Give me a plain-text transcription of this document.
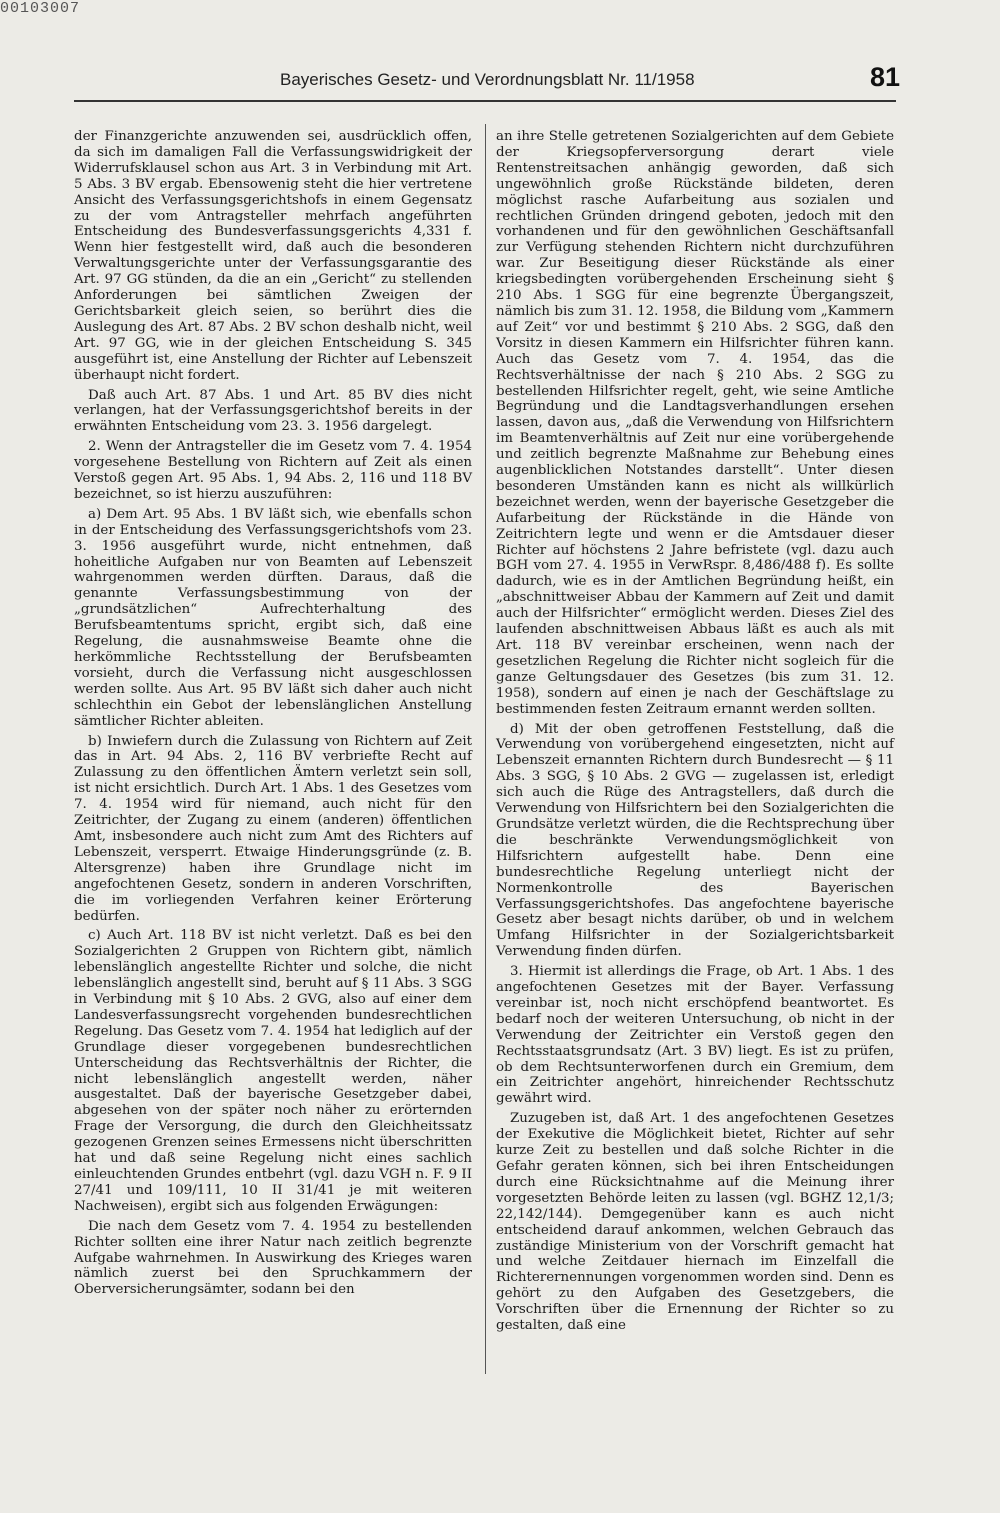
00103007
Bayerisches Gesetz- und Verordnungsblatt Nr. 11/1958	81

der Finanzgerichte anzuwenden sei, ausdrücklich offen, da sich im damaligen Fall die Verfassungswidrigkeit der Widerrufsklausel schon aus Art. 3 in Verbindung mit Art. 5 Abs. 3 BV ergab. Ebensowenig steht die hier vertretene Ansicht des Verfassungsgerichtshofs in einem Gegensatz zu der vom Antragsteller mehrfach angeführten Entscheidung des Bundesverfassungsgerichts 4,331 f. Wenn hier festgestellt wird, daß auch die besonderen Verwaltungsgerichte unter der Verfassungsgarantie des Art. 97 GG stünden, da die an ein „Gericht“ zu stellenden Anforderungen bei sämtlichen Zweigen der Gerichtsbarkeit gleich seien, so berührt dies die Auslegung des Art. 87 Abs. 2 BV schon deshalb nicht, weil Art. 97 GG, wie in der gleichen Entscheidung S. 345 ausgeführt ist, eine Anstellung der Richter auf Lebenszeit überhaupt nicht fordert.

Daß auch Art. 87 Abs. 1 und Art. 85 BV dies nicht verlangen, hat der Verfassungsgerichtshof bereits in der erwähnten Entscheidung vom 23. 3. 1956 dargelegt.

2. Wenn der Antragsteller die im Gesetz vom 7. 4. 1954 vorgesehene Bestellung von Richtern auf Zeit als einen Verstoß gegen Art. 95 Abs. 1, 94 Abs. 2, 116 und 118 BV bezeichnet, so ist hierzu auszuführen:

a) Dem Art. 95 Abs. 1 BV läßt sich, wie ebenfalls schon in der Entscheidung des Verfassungsgerichtshofs vom 23. 3. 1956 ausgeführt wurde, nicht entnehmen, daß hoheitliche Aufgaben nur von Beamten auf Lebenszeit wahrgenommen werden dürften. Daraus, daß die genannte Verfassungsbestimmung von der „grundsätzlichen“ Aufrechterhaltung des Berufsbeamtentums spricht, ergibt sich, daß eine Regelung, die ausnahmsweise Beamte ohne die herkömmliche Rechtsstellung der Berufsbeamten vorsieht, durch die Verfassung nicht ausgeschlossen werden sollte. Aus Art. 95 BV läßt sich daher auch nicht schlechthin ein Gebot der lebenslänglichen Anstellung sämtlicher Richter ableiten.

b) Inwiefern durch die Zulassung von Richtern auf Zeit das in Art. 94 Abs. 2, 116 BV verbriefte Recht auf Zulassung zu den öffentlichen Ämtern verletzt sein soll, ist nicht ersichtlich. Durch Art. 1 Abs. 1 des Gesetzes vom 7. 4. 1954 wird für niemand, auch nicht für den Zeitrichter, der Zugang zu einem (anderen) öffentlichen Amt, insbesondere auch nicht zum Amt des Richters auf Lebenszeit, versperrt. Etwaige Hinderungsgründe (z. B. Altersgrenze) haben ihre Grundlage nicht im angefochtenen Gesetz, sondern in anderen Vorschriften, die im vorliegenden Verfahren keiner Erörterung bedürfen.

c) Auch Art. 118 BV ist nicht verletzt. Daß es bei den Sozialgerichten 2 Gruppen von Richtern gibt, nämlich lebenslänglich angestellte Richter und solche, die nicht lebenslänglich angestellt sind, beruht auf § 11 Abs. 3 SGG in Verbindung mit § 10 Abs. 2 GVG, also auf einer dem Landesverfassungsrecht vorgehenden bundesrechtlichen Regelung. Das Gesetz vom 7. 4. 1954 hat lediglich auf der Grundlage dieser vorgegebenen bundesrechtlichen Unterscheidung das Rechtsverhältnis der Richter, die nicht lebenslänglich angestellt werden, näher ausgestaltet. Daß der bayerische Gesetzgeber dabei, abgesehen von der später noch näher zu erörternden Frage der Versorgung, die durch den Gleichheitssatz gezogenen Grenzen seines Ermessens nicht überschritten hat und daß seine Regelung nicht eines sachlich einleuchtenden Grundes entbehrt (vgl. dazu VGH n. F. 9 II 27/41 und 109/111, 10 II 31/41 je mit weiteren Nachweisen), ergibt sich aus folgenden Erwägungen:

Die nach dem Gesetz vom 7. 4. 1954 zu bestellenden Richter sollten eine ihrer Natur nach zeitlich begrenzte Aufgabe wahrnehmen. In Auswirkung des Krieges waren nämlich zuerst bei den Spruchkammern der Oberversicherungsämter, sodann bei den

an ihre Stelle getretenen Sozialgerichten auf dem Gebiete der Kriegsopferversorgung derart viele Rentenstreitsachen anhängig geworden, daß sich ungewöhnlich große Rückstände bildeten, deren möglichst rasche Aufarbeitung aus sozialen und rechtlichen Gründen dringend geboten, jedoch mit den vorhandenen und für den gewöhnlichen Geschäftsanfall zur Verfügung stehenden Richtern nicht durchzuführen war. Zur Beseitigung dieser Rückstände als einer kriegsbedingten vorübergehenden Erscheinung sieht § 210 Abs. 1 SGG für eine begrenzte Übergangszeit, nämlich bis zum 31. 12. 1958, die Bildung vom „Kammern auf Zeit“ vor und bestimmt § 210 Abs. 2 SGG, daß den Vorsitz in diesen Kammern ein Hilfsrichter führen kann. Auch das Gesetz vom 7. 4. 1954, das die Rechtsverhältnisse der nach § 210 Abs. 2 SGG zu bestellenden Hilfsrichter regelt, geht, wie seine Amtliche Begründung und die Landtagsverhandlungen ersehen lassen, davon aus, „daß die Verwendung von Hilfsrichtern im Beamtenverhältnis auf Zeit nur eine vorübergehende und zeitlich begrenzte Maßnahme zur Behebung eines augenblicklichen Notstandes darstellt“. Unter diesen besonderen Umständen kann es nicht als willkürlich bezeichnet werden, wenn der bayerische Gesetzgeber die Aufarbeitung der Rückstände in die Hände von Zeitrichtern legte und wenn er die Amtsdauer dieser Richter auf höchstens 2 Jahre befristete (vgl. dazu auch BGH vom 27. 4. 1955 in VerwRspr. 8,486/488 f). Es sollte dadurch, wie es in der Amtlichen Begründung heißt, ein „abschnittweiser Abbau der Kammern auf Zeit und damit auch der Hilfsrichter“ ermöglicht werden. Dieses Ziel des laufenden abschnittweisen Abbaus läßt es auch als mit Art. 118 BV vereinbar erscheinen, wenn nach der gesetzlichen Regelung die Richter nicht sogleich für die ganze Geltungsdauer des Gesetzes (bis zum 31. 12. 1958), sondern auf einen je nach der Geschäftslage zu bestimmenden festen Zeitraum ernannt werden sollten.

d) Mit der oben getroffenen Feststellung, daß die Verwendung von vorübergehend eingesetzten, nicht auf Lebenszeit ernannten Richtern durch Bundesrecht — § 11 Abs. 3 SGG, § 10 Abs. 2 GVG — zugelassen ist, erledigt sich auch die Rüge des Antragstellers, daß durch die Verwendung von Hilfsrichtern bei den Sozialgerichten die Grundsätze verletzt würden, die die Rechtsprechung über die beschränkte Verwendungsmöglichkeit von Hilfsrichtern aufgestellt habe. Denn eine bundesrechtliche Regelung unterliegt nicht der Normenkontrolle des Bayerischen Verfassungsgerichtshofes. Das angefochtene bayerische Gesetz aber besagt nichts darüber, ob und in welchem Umfang Hilfsrichter in der Sozialgerichtsbarkeit Verwendung finden dürfen.

3. Hiermit ist allerdings die Frage, ob Art. 1 Abs. 1 des angefochtenen Gesetzes mit der Bayer. Verfassung vereinbar ist, noch nicht erschöpfend beantwortet. Es bedarf noch der weiteren Untersuchung, ob nicht in der Verwendung der Zeitrichter ein Verstoß gegen den Rechtsstaatsgrundsatz (Art. 3 BV) liegt. Es ist zu prüfen, ob dem Rechtsunterworfenen durch ein Gremium, dem ein Zeitrichter angehört, hinreichender Rechtsschutz gewährt wird.

Zuzugeben ist, daß Art. 1 des angefochtenen Gesetzes der Exekutive die Möglichkeit bietet, Richter auf sehr kurze Zeit zu bestellen und daß solche Richter in die Gefahr geraten können, sich bei ihren Entscheidungen durch eine Rücksichtnahme auf die Meinung ihrer vorgesetzten Behörde leiten zu lassen (vgl. BGHZ 12,1/3; 22,142/144). Demgegenüber kann es auch nicht entscheidend darauf ankommen, welchen Gebrauch das zuständige Ministerium von der Vorschrift gemacht hat und welche Zeitdauer hiernach im Einzelfall die Richterernennungen vorgenommen worden sind. Denn es gehört zu den Aufgaben des Gesetzgebers, die Vorschriften über die Ernennung der Richter so zu gestalten, daß eine
